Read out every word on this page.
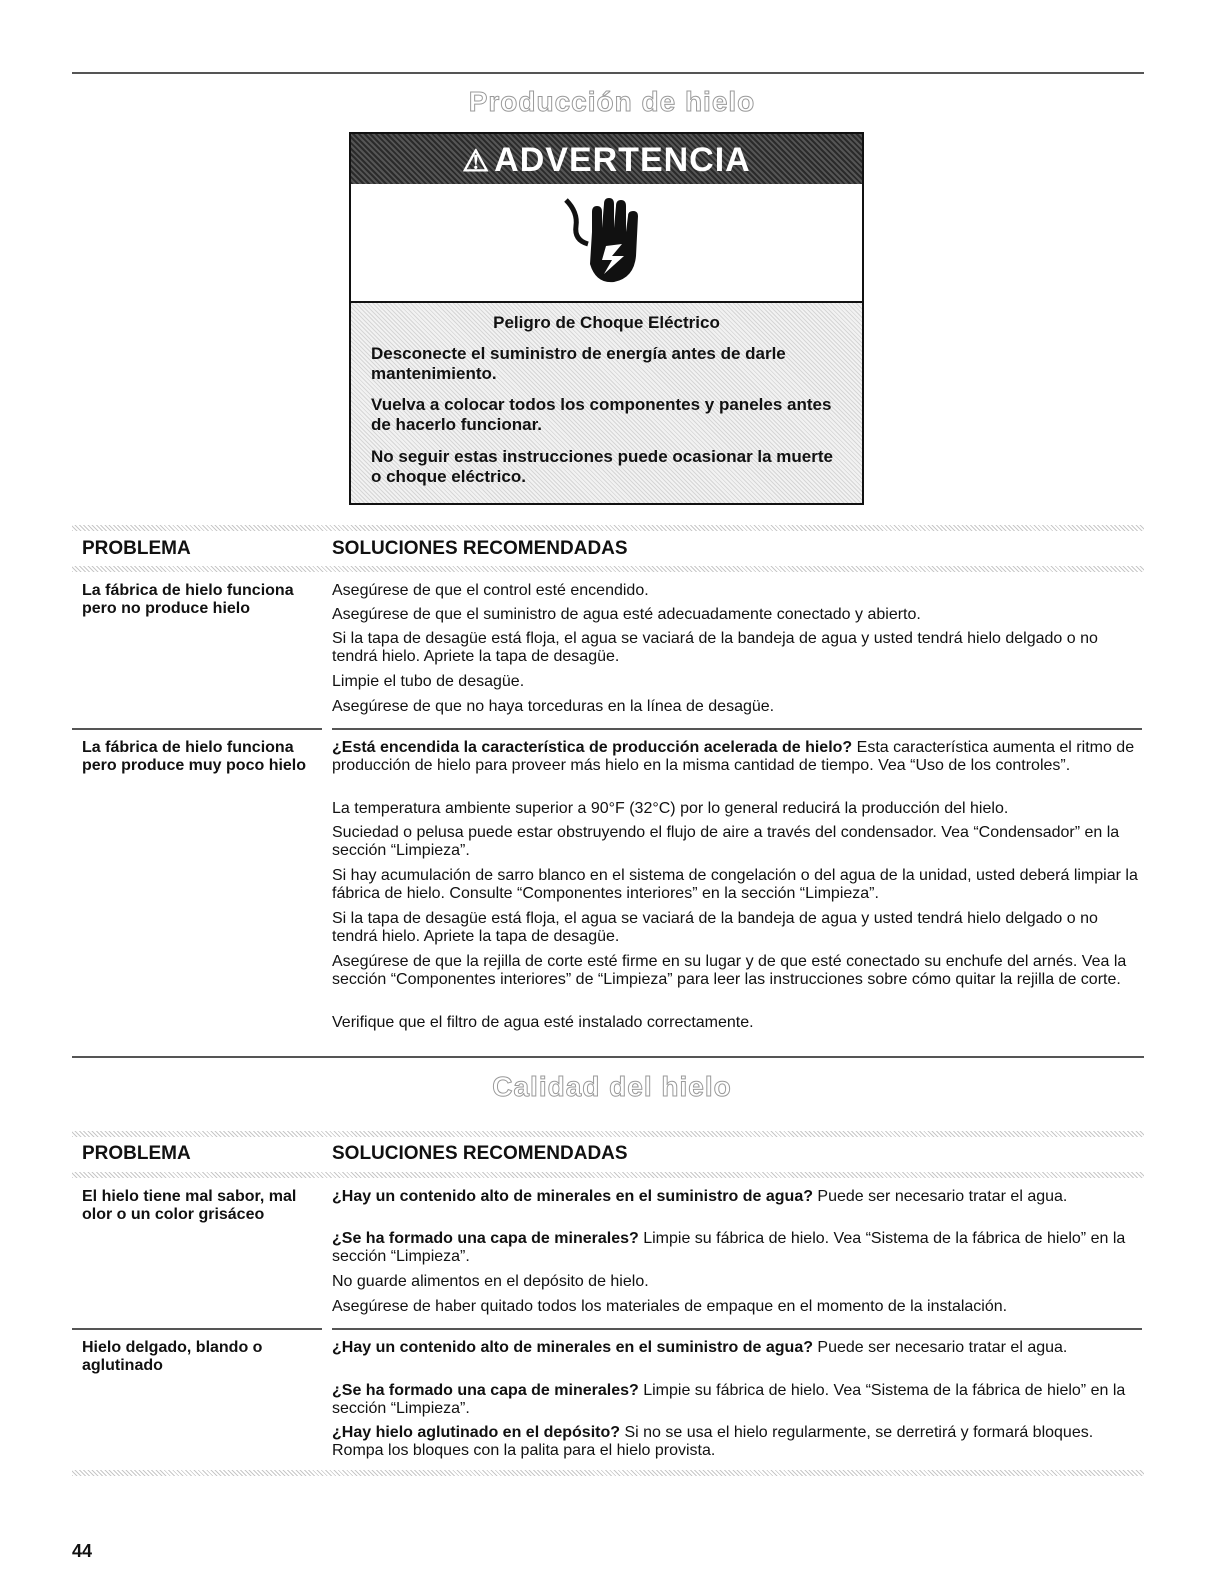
Producción de hielo
⚠ ADVERTENCIA
Peligro de Choque Eléctrico
Desconecte el suministro de energía antes de darle mantenimiento.
Vuelva a colocar todos los componentes y paneles antes de hacerlo funcionar.
No seguir estas instrucciones puede ocasionar la muerte o choque eléctrico.
PROBLEMA	SOLUCIONES RECOMENDADAS
La fábrica de hielo funciona pero no produce hielo
Asegúrese de que el control esté encendido.
Asegúrese de que el suministro de agua esté adecuadamente conectado y abierto.
Si la tapa de desagüe está floja, el agua se vaciará de la bandeja de agua y usted tendrá hielo delgado o no tendrá hielo. Apriete la tapa de desagüe.
Limpie el tubo de desagüe.
Asegúrese de que no haya torceduras en la línea de desagüe.
La fábrica de hielo funciona pero produce muy poco hielo
¿Está encendida la característica de producción acelerada de hielo? Esta característica aumenta el ritmo de producción de hielo para proveer más hielo en la misma cantidad de tiempo. Vea “Uso de los controles”.
La temperatura ambiente superior a 90°F (32°C) por lo general reducirá la producción del hielo.
Suciedad o pelusa puede estar obstruyendo el flujo de aire a través del condensador. Vea “Condensador” en la sección “Limpieza”.
Si hay acumulación de sarro blanco en el sistema de congelación o del agua de la unidad, usted deberá limpiar la fábrica de hielo. Consulte “Componentes interiores” en la sección “Limpieza”.
Si la tapa de desagüe está floja, el agua se vaciará de la bandeja de agua y usted tendrá hielo delgado o no tendrá hielo. Apriete la tapa de desagüe.
Asegúrese de que la rejilla de corte esté firme en su lugar y de que esté conectado su enchufe del arnés. Vea la sección “Componentes interiores” de “Limpieza” para leer las instrucciones sobre cómo quitar la rejilla de corte.
Verifique que el filtro de agua esté instalado correctamente.
Calidad del hielo
PROBLEMA	SOLUCIONES RECOMENDADAS
El hielo tiene mal sabor, mal olor o un color grisáceo
¿Hay un contenido alto de minerales en el suministro de agua? Puede ser necesario tratar el agua.
¿Se ha formado una capa de minerales? Limpie su fábrica de hielo. Vea “Sistema de la fábrica de hielo” en la sección “Limpieza”.
No guarde alimentos en el depósito de hielo.
Asegúrese de haber quitado todos los materiales de empaque en el momento de la instalación.
Hielo delgado, blando o aglutinado
¿Hay un contenido alto de minerales en el suministro de agua? Puede ser necesario tratar el agua.
¿Se ha formado una capa de minerales? Limpie su fábrica de hielo. Vea “Sistema de la fábrica de hielo” en la sección “Limpieza”.
¿Hay hielo aglutinado en el depósito? Si no se usa el hielo regularmente, se derretirá y formará bloques. Rompa los bloques con la palita para el hielo provista.
44
